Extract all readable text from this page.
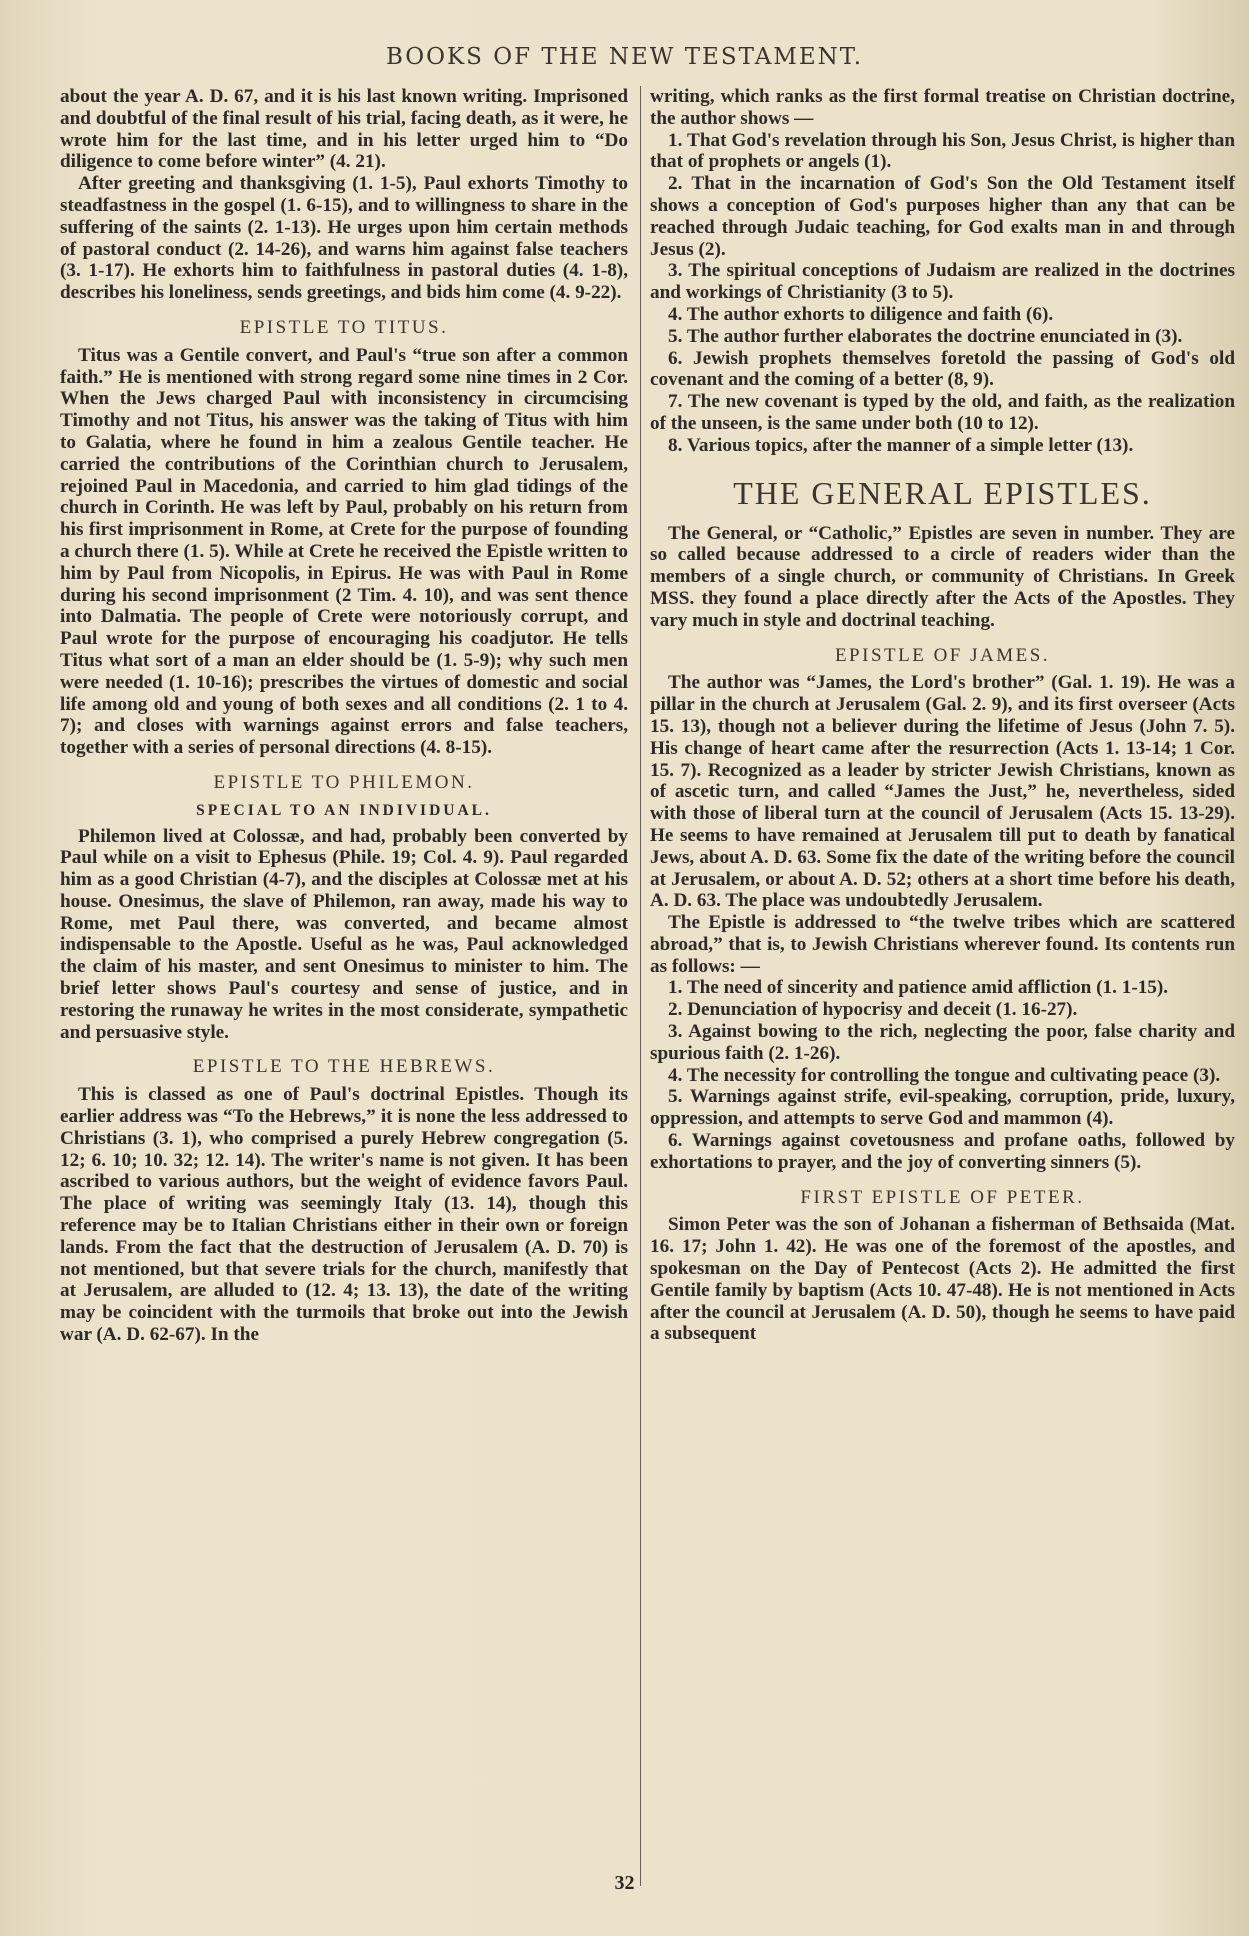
BOOKS OF THE NEW TESTAMENT.

about the year A. D. 67, and it is his last known writing. Imprisoned and doubtful of the final result of his trial, facing death, as it were, he wrote him for the last time, and in his letter urged him to “Do diligence to come before winter” (4. 21).

After greeting and thanksgiving (1. 1-5), Paul exhorts Timothy to steadfastness in the gospel (1. 6-15), and to willingness to share in the suffering of the saints (2. 1-13). He urges upon him certain methods of pastoral conduct (2. 14-26), and warns him against false teachers (3. 1-17). He exhorts him to faithfulness in pastoral duties (4. 1-8), describes his loneliness, sends greetings, and bids him come (4. 9-22).

EPISTLE TO TITUS.

Titus was a Gentile convert, and Paul's “true son after a common faith.” He is mentioned with strong regard some nine times in 2 Cor. When the Jews charged Paul with inconsistency in circumcising Timothy and not Titus, his answer was the taking of Titus with him to Galatia, where he found in him a zealous Gentile teacher. He carried the contributions of the Corinthian church to Jerusalem, rejoined Paul in Macedonia, and carried to him glad tidings of the church in Corinth. He was left by Paul, probably on his return from his first imprisonment in Rome, at Crete for the purpose of founding a church there (1. 5). While at Crete he received the Epistle written to him by Paul from Nicopolis, in Epirus. He was with Paul in Rome during his second imprisonment (2 Tim. 4. 10), and was sent thence into Dalmatia. The people of Crete were notoriously corrupt, and Paul wrote for the purpose of encouraging his coadjutor. He tells Titus what sort of a man an elder should be (1. 5-9); why such men were needed (1. 10-16); prescribes the virtues of domestic and social life among old and young of both sexes and all conditions (2. 1 to 4. 7); and closes with warnings against errors and false teachers, together with a series of personal directions (4. 8-15).

EPISTLE TO PHILEMON.
SPECIAL TO AN INDIVIDUAL.

Philemon lived at Colossæ, and had, probably been converted by Paul while on a visit to Ephesus (Phile. 19; Col. 4. 9). Paul regarded him as a good Christian (4-7), and the disciples at Colossæ met at his house. Onesimus, the slave of Philemon, ran away, made his way to Rome, met Paul there, was converted, and became almost indispensable to the Apostle. Useful as he was, Paul acknowledged the claim of his master, and sent Onesimus to minister to him. The brief letter shows Paul's courtesy and sense of justice, and in restoring the runaway he writes in the most considerate, sympathetic and persuasive style.

EPISTLE TO THE HEBREWS.

This is classed as one of Paul's doctrinal Epistles. Though its earlier address was “To the Hebrews,” it is none the less addressed to Christians (3. 1), who comprised a purely Hebrew congregation (5. 12; 6. 10; 10. 32; 12. 14). The writer's name is not given. It has been ascribed to various authors, but the weight of evidence favors Paul. The place of writing was seemingly Italy (13. 14), though this reference may be to Italian Christians either in their own or foreign lands. From the fact that the destruction of Jerusalem (A. D. 70) is not mentioned, but that severe trials for the church, manifestly that at Jerusalem, are alluded to (12. 4; 13. 13), the date of the writing may be coincident with the turmoils that broke out into the Jewish war (A. D. 62-67). In the

writing, which ranks as the first formal treatise on Christian doctrine, the author shows —

1. That God's revelation through his Son, Jesus Christ, is higher than that of prophets or angels (1).

2. That in the incarnation of God's Son the Old Testament itself shows a conception of God's purposes higher than any that can be reached through Judaic teaching, for God exalts man in and through Jesus (2).

3. The spiritual conceptions of Judaism are realized in the doctrines and workings of Christianity (3 to 5).

4. The author exhorts to diligence and faith (6).

5. The author further elaborates the doctrine enunciated in (3).

6. Jewish prophets themselves foretold the passing of God's old covenant and the coming of a better (8, 9).

7. The new covenant is typed by the old, and faith, as the realization of the unseen, is the same under both (10 to 12).

8. Various topics, after the manner of a simple letter (13).

THE GENERAL EPISTLES.

The General, or “Catholic,” Epistles are seven in number. They are so called because addressed to a circle of readers wider than the members of a single church, or community of Christians. In Greek MSS. they found a place directly after the Acts of the Apostles. They vary much in style and doctrinal teaching.

EPISTLE OF JAMES.

The author was “James, the Lord's brother” (Gal. 1. 19). He was a pillar in the church at Jerusalem (Gal. 2. 9), and its first overseer (Acts 15. 13), though not a believer during the lifetime of Jesus (John 7. 5). His change of heart came after the resurrection (Acts 1. 13-14; 1 Cor. 15. 7). Recognized as a leader by stricter Jewish Christians, known as of ascetic turn, and called “James the Just,” he, nevertheless, sided with those of liberal turn at the council of Jerusalem (Acts 15. 13-29). He seems to have remained at Jerusalem till put to death by fanatical Jews, about A. D. 63. Some fix the date of the writing before the council at Jerusalem, or about A. D. 52; others at a short time before his death, A. D. 63. The place was undoubtedly Jerusalem.

The Epistle is addressed to “the twelve tribes which are scattered abroad,” that is, to Jewish Christians wherever found. Its contents run as follows: —

1. The need of sincerity and patience amid affliction (1. 1-15).

2. Denunciation of hypocrisy and deceit (1. 16-27).

3. Against bowing to the rich, neglecting the poor, false charity and spurious faith (2. 1-26).

4. The necessity for controlling the tongue and cultivating peace (3).

5. Warnings against strife, evil-speaking, corruption, pride, luxury, oppression, and attempts to serve God and mammon (4).

6. Warnings against covetousness and profane oaths, followed by exhortations to prayer, and the joy of converting sinners (5).

FIRST EPISTLE OF PETER.

Simon Peter was the son of Johanan a fisherman of Bethsaida (Mat. 16. 17; John 1. 42). He was one of the foremost of the apostles, and spokesman on the Day of Pentecost (Acts 2). He admitted the first Gentile family by baptism (Acts 10. 47-48). He is not mentioned in Acts after the council at Jerusalem (A. D. 50), though he seems to have paid a subsequent

32
